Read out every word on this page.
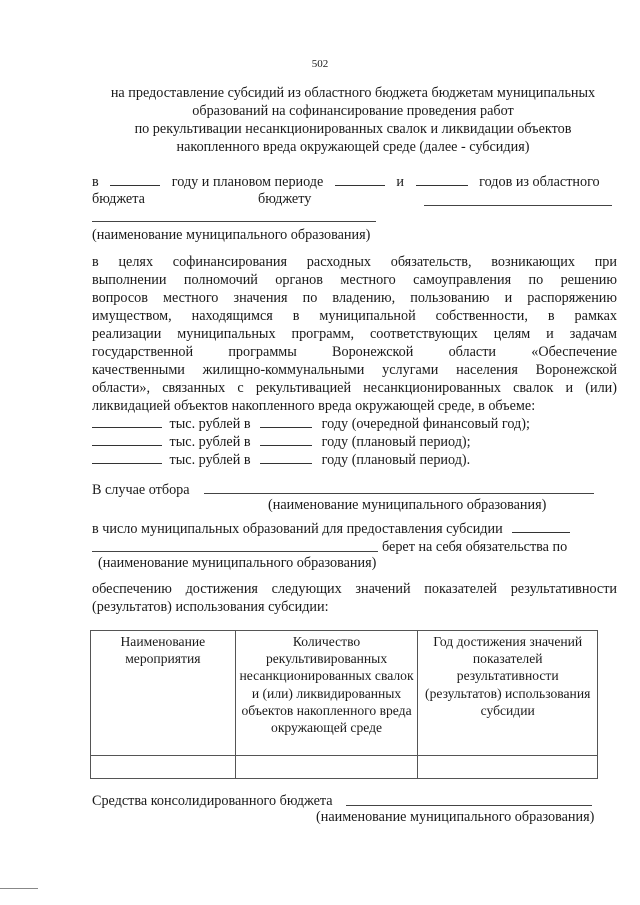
502
на предоставление субсидий из областного бюджета бюджетам муниципальных
образований на софинансирование проведения работ
по рекультивации несанкционированных свалок и ликвидации объектов
накопленного вреда окружающей среде (далее - субсидия)
в	году и плановом периоде	и	годов из областного
бюджета	бюджету
(наименование муниципального образования)
в целях софинансирования расходных обязательств, возникающих при
выполнении полномочий органов местного самоуправления по решению
вопросов местного значения по владению, пользованию и распоряжению
имуществом, находящимся в муниципальной собственности, в рамках
реализации муниципальных программ, соответствующих целям и задачам
государственной программы Воронежской области «Обеспечение
качественными жилищно-коммунальными услугами населения Воронежской
области», связанных с рекультивацией несанкционированных свалок и (или)
ликвидацией объектов накопленного вреда окружающей среде, в объеме:
тыс. рублей в	году (очередной финансовый год);
тыс. рублей в	году (плановый период);
тыс. рублей в	году (плановый период).
В случае отбора
(наименование муниципального образования)
в число муниципальных образований для предоставления субсидии
берет на себя обязательства по
(наименование муниципального образования)
обеспечению достижения следующих значений показателей результативности
(результатов) использования субсидии:
Наименование мероприятия	Количество рекультивированных несанкционированных свалок и (или) ликвидированных объектов накопленного вреда окружающей среде	Год достижения значений показателей результативности (результатов) использования субсидии

Средства консолидированного бюджета
(наименование муниципального образования)
